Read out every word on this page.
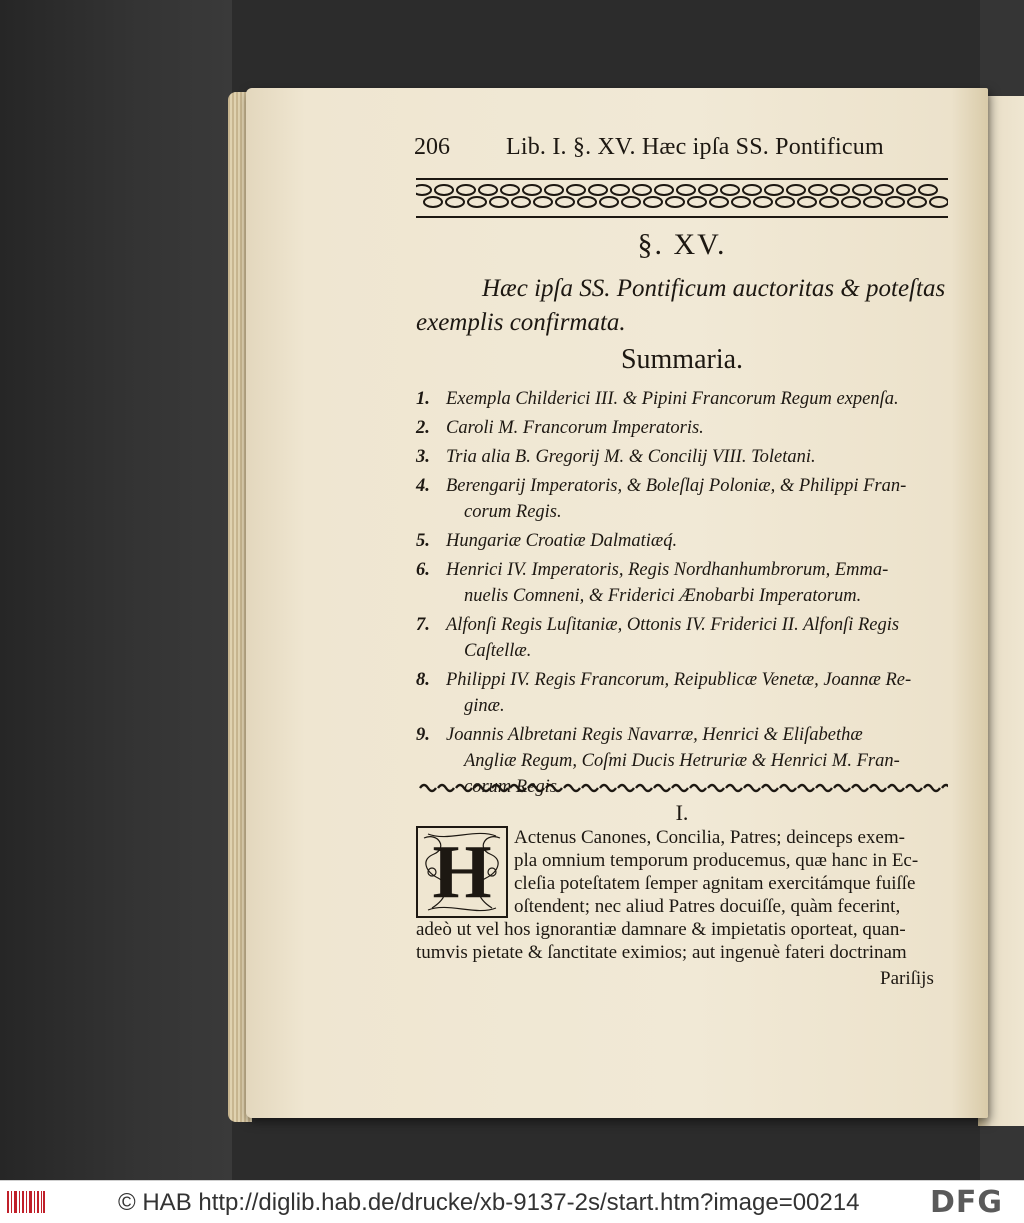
206 Lib. I. §. XV. Hæc ipſa SS. Pontificum
§. XV.
Hæc ipſa SS. Pontificum auctoritas & poteſtas
exemplis confirmata.
Summaria.
1. Exempla Childerici III. & Pipini Francorum Regum expenſa.
2. Caroli M. Francorum Imperatoris.
3. Tria alia B. Gregorij M. & Concilij VIII. Toletani.
4. Berengarij Imperatoris, & Boleſlaj Poloniæ, & Philippi Fran-
corum Regis.
5. Hungariæ Croatiæ Dalmatiæq́.
6. Henrici IV. Imperatoris, Regis Nordhanhumbrorum, Emma-
nuelis Comneni, & Friderici Ænobarbi Imperatorum.
7. Alfonſi Regis Luſitaniæ, Ottonis IV. Friderici II. Alfonſi Regis
Caſtellæ.
8. Philippi IV. Regis Francorum, Reipublicæ Venetæ, Joannæ Re-
ginæ.
9. Joannis Albretani Regis Navarræ, Henrici & Eliſabethæ
Angliæ Regum, Coſmi Ducis Hetruriæ & Henrici M. Fran-
corum Regis.
I.
Actenus Canones, Concilia, Patres; deinceps exem-
pla omnium temporum producemus, quæ hanc in Ec-
cleſia poteſtatem ſemper agnitam exercitámque fuiſſe
oſtendent; nec aliud Patres docuiſſe, quàm fecerint,
adeò ut vel hos ignorantiæ damnare & impietatis oporteat, quan-
tumvis pietate & ſanctitate eximios; aut ingenuè fateri doctrinam
H
Pariſijs
© HAB http://diglib.hab.de/drucke/xb-9137-2s/start.htm?image=00214 DFG
